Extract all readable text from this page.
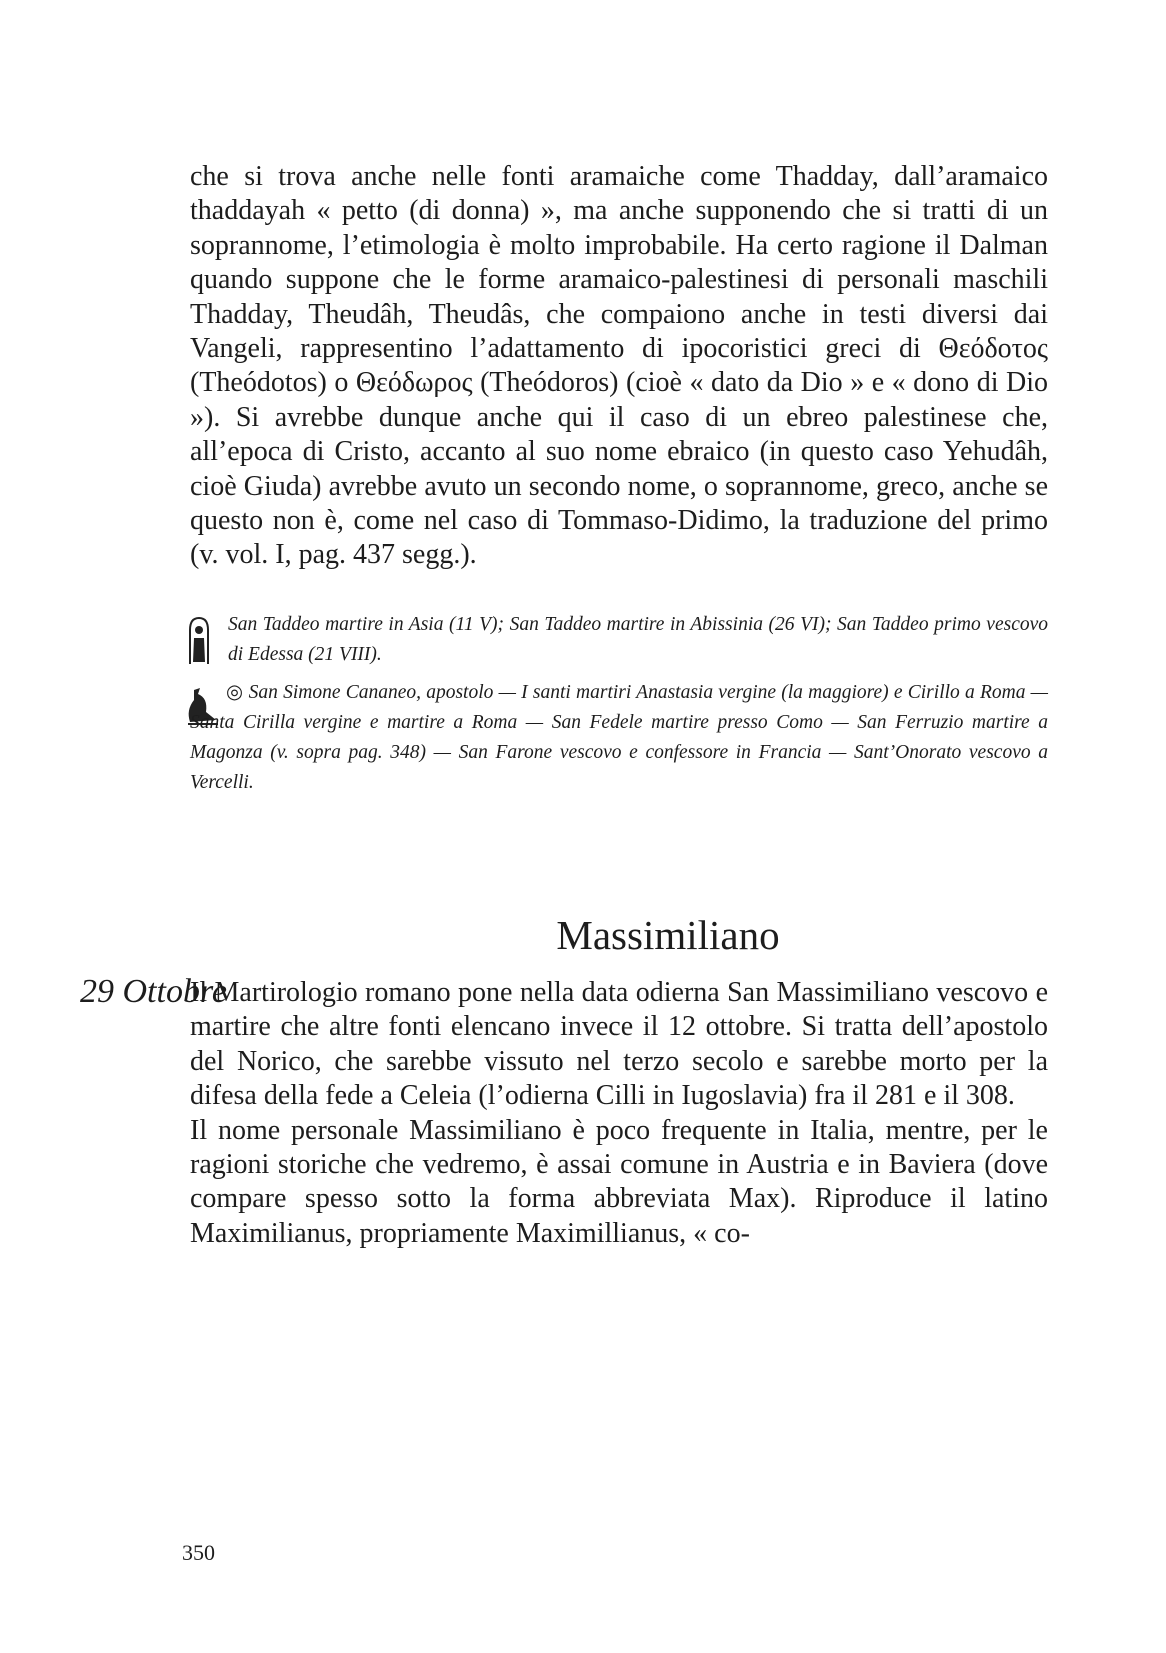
che si trova anche nelle fonti aramaiche come Thadday, dall’aramaico thaddayah « petto (di donna) », ma anche supponendo che si tratti di un soprannome, l’etimologia è molto improbabile. Ha certo ragione il Dalman quando suppone che le forme aramaico-palestinesi di personali maschili Thadday, Theudâh, Theudâs, che compaiono anche in testi diversi dai Vangeli, rappresentino l’adattamento di ipocoristici greci di Θεόδοτος (Theódotos) o Θεόδωρος (Theódoros) (cioè « dato da Dio » e « dono di Dio »). Si avrebbe dunque anche qui il caso di un ebreo palestinese che, all’epoca di Cristo, accanto al suo nome ebraico (in questo caso Yehudâh, cioè Giuda) avrebbe avuto un secondo nome, o soprannome, greco, anche se questo non è, come nel caso di Tommaso-Didimo, la traduzione del primo (v. vol. I, pag. 437 segg.).

San Taddeo martire in Asia (11 V); San Taddeo martire in Abissinia (26 VI); San Taddeo primo vescovo di Edessa (21 VIII).

◎ San Simone Cananeo, apostolo — I santi martiri Anastasia vergine (la maggiore) e Cirillo a Roma — Santa Cirilla vergine e martire a Roma — San Fedele martire presso Como — San Ferruzio martire a Magonza (v. sopra pag. 348) — San Farone vescovo e confessore in Francia — Sant’Onorato vescovo a Vercelli.

Massimiliano
29 Ottobre

Il Martirologio romano pone nella data odierna San Massimiliano vescovo e martire che altre fonti elencano invece il 12 ottobre. Si tratta dell’apostolo del Norico, che sarebbe vissuto nel terzo secolo e sarebbe morto per la difesa della fede a Celeia (l’odierna Cilli in Iugoslavia) fra il 281 e il 308.

Il nome personale Massimiliano è poco frequente in Italia, mentre, per le ragioni storiche che vedremo, è assai comune in Austria e in Baviera (dove compare spesso sotto la forma abbreviata Max). Riproduce il latino Maximilianus, propriamente Maximillianus, « co-

350
